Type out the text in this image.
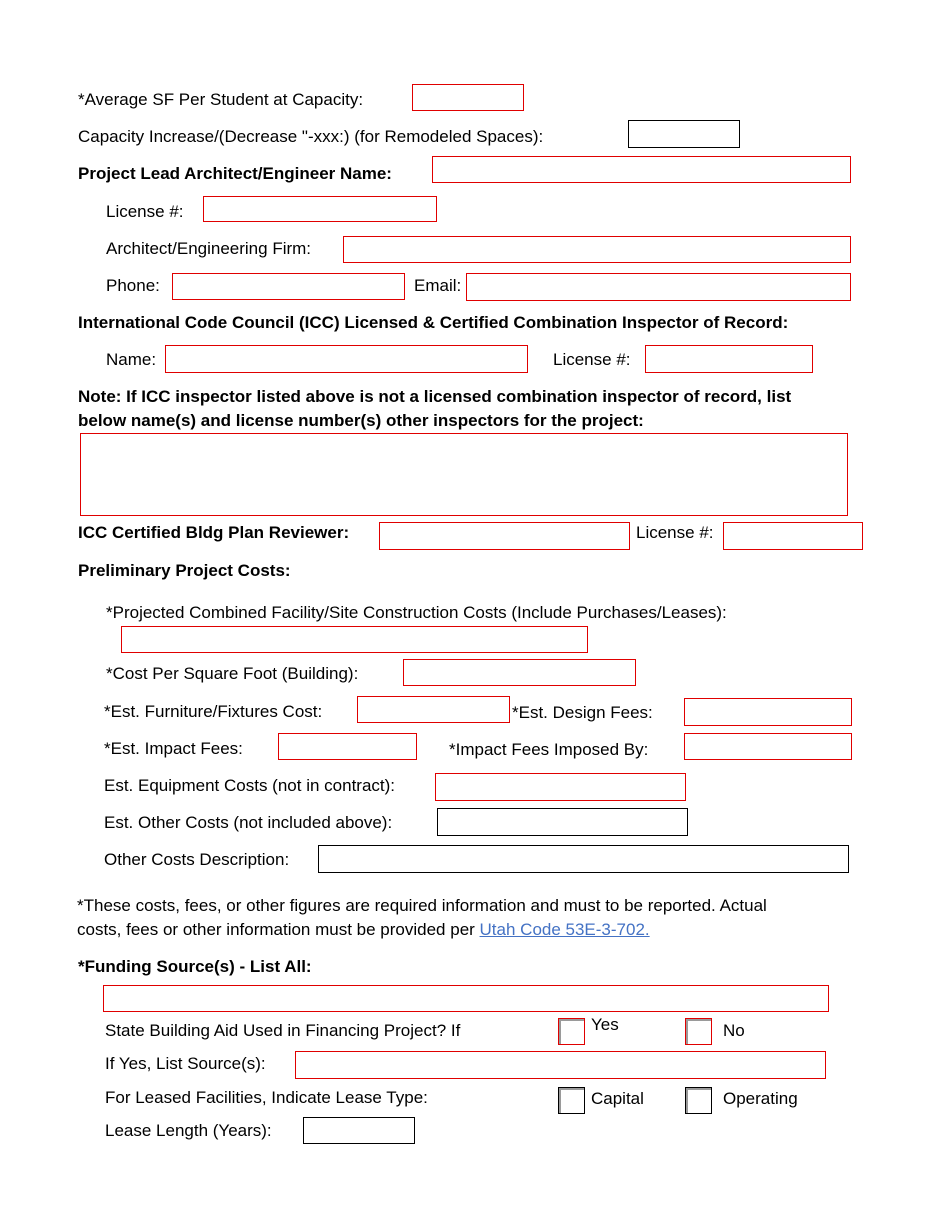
*Average SF Per Student at Capacity:
Capacity Increase/(Decrease "-xxx:) (for Remodeled Spaces):
Project Lead Architect/Engineer Name:
License #:
Architect/Engineering Firm:
Phone:	Email:
International Code Council (ICC) Licensed & Certified Combination Inspector of Record:
Name:	License #:
Note: If ICC inspector listed above is not a licensed combination inspector of record, list
below name(s) and license number(s) other inspectors for the project:
ICC Certified Bldg Plan Reviewer:	License #:
Preliminary Project Costs:
*Projected Combined Facility/Site Construction Costs (Include Purchases/Leases):
*Cost Per Square Foot (Building):
*Est. Furniture/Fixtures Cost:	*Est. Design Fees:
*Est. Impact Fees:	*Impact Fees Imposed By:
Est. Equipment Costs (not in contract):
Est. Other Costs (not included above):
Other Costs Description:
*These costs, fees, or other figures are required information and must to be reported. Actual
costs, fees or other information must be provided per Utah Code 53E-3-702.
*Funding Source(s) - List All:
State Building Aid Used in Financing Project? If	Yes	No
If Yes, List Source(s):
For Leased Facilities, Indicate Lease Type:	Capital	Operating
Lease Length (Years):
